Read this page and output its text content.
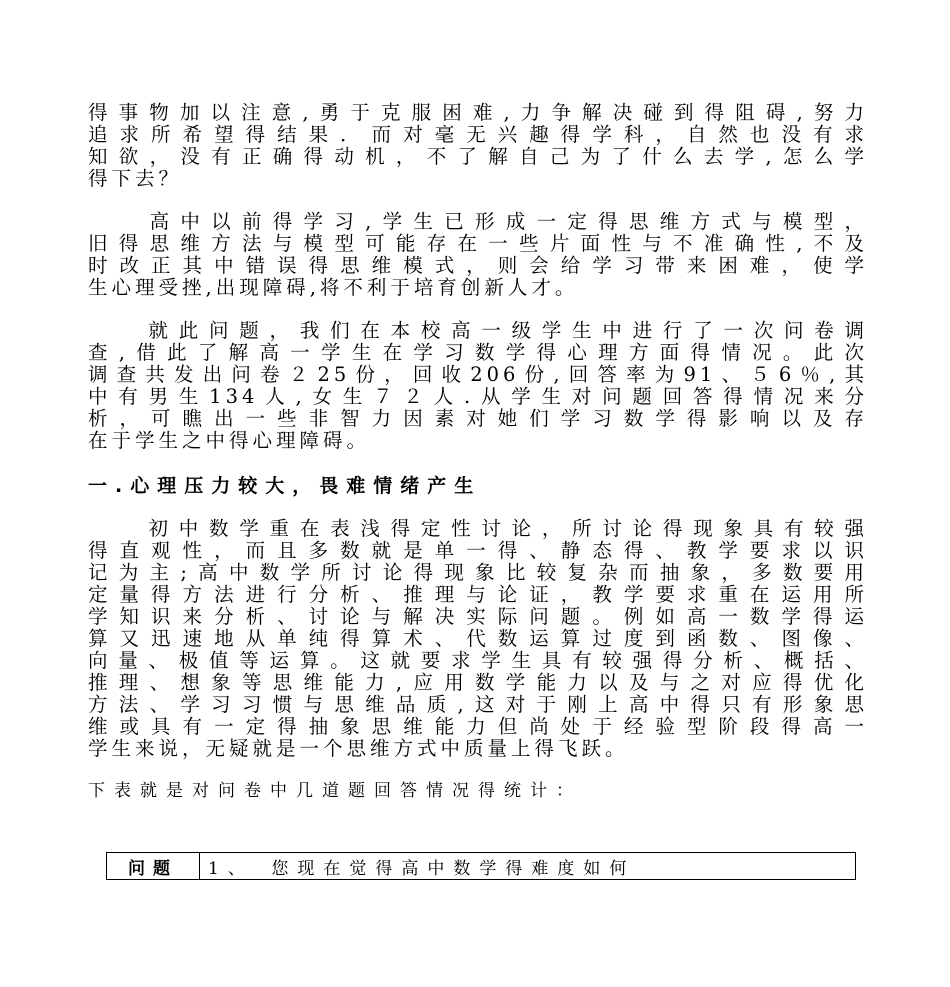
得事物加以注意,勇于克服困难,力争解决碰到得阻碍,努力
追求所希望得结果．而对毫无兴趣得学科，自然也没有求
知欲，没有正确得动机，不了解自己为了什么去学,怎么学
得下去？
　　高中以前得学习,学生已形成一定得思维方式与模型，
旧得思维方法与模型可能存在一些片面性与不准确性,不及
时改正其中错误得思维模式，则会给学习带来困难，使学
生心理受挫,出现障碍,将不利于培育创新人才。
　　就此问题，我们在本校高一级学生中进行了一次问卷调
查,借此了解高一学生在学习数学得心理方面得情况。此次
调查共发出问卷２25份，回收206份,回答率为91、５6％,其
中有男生134人,女生７２人.从学生对问题回答得情况来分
析，可瞧出一些非智力因素对她们学习数学得影响以及存
在于学生之中得心理障碍。
一.心理压力较大，畏难情绪产生
　　初中数学重在表浅得定性讨论，所讨论得现象具有较强
得直观性，而且多数就是单一得、静态得、教学要求以识
记为主;高中数学所讨论得现象比较复杂而抽象，多数要用
定量得方法进行分析、推理与论证，教学要求重在运用所
学知识来分析、讨论与解决实际问题。例如高一数学得运
算又迅速地从单纯得算术、代数运算过度到函数、图像、
向量、极值等运算。这就要求学生具有较强得分析、概括、
推理、想象等思维能力,应用数学能力以及与之对应得优化
方法、学习习惯与思维品质,这对于刚上高中得只有形象思
维或具有一定得抽象思维能力但尚处于经验型阶段得高一
学生来说，无疑就是一个思维方式中质量上得飞跃。
下表就是对问卷中几道题回答情况得统计：
问题	1、　您现在觉得高中数学得难度如何
